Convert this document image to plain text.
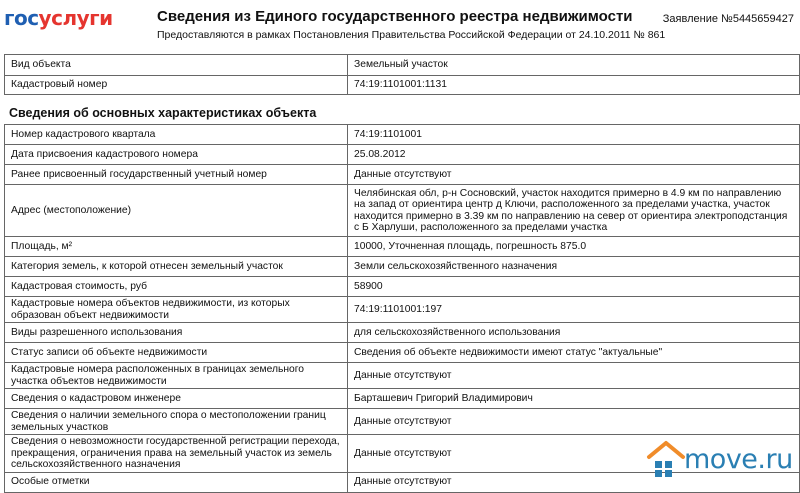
госуслуги	Сведения из Единого государственного реестра недвижимости
Предоставляются в рамках Постановления Правительства Российской Федерации от 24.10.2011 № 861
Заявление №5445659427
Вид объекта	Земельный участок
Кадастровый номер	74:19:1101001:1131
Сведения об основных характеристиках объекта
Номер кадастрового квартала	74:19:1101001
Дата присвоения кадастрового номера	25.08.2012
Ранее присвоенный государственный учетный номер	Данные отсутствуют
Адрес (местоположение)	Челябинская обл, р-н Сосновский, участок находится примерно в 4.9 км по направлению на запад от ориентира центр д Ключи, расположенного за пределами участка, участок находится примерно в 3.39 км по направлению на север от ориентира электроподстанция с Б Харлуши, расположенного за пределами участка
Площадь, м²	10000, Уточненная площадь, погрешность 875.0
Категория земель, к которой отнесен земельный участок	Земли сельскохозяйственного назначения
Кадастровая стоимость, руб	58900
Кадастровые номера объектов недвижимости, из которых образован объект недвижимости	74:19:1101001:197
Виды разрешенного использования	для сельскохозяйственного использования
Статус записи об объекте недвижимости	Сведения об объекте недвижимости имеют статус "актуальные"
Кадастровые номера расположенных в границах земельного участка объектов недвижимости	Данные отсутствуют
Сведения о кадастровом инженере	Барташевич Григорий Владимирович
Сведения о наличии земельного спора о местоположении границ земельных участков	Данные отсутствуют
Сведения о невозможности государственной регистрации перехода, прекращения, ограничения права на земельный участок из земель сельскохозяйственного назначения	Данные отсутствуют
Особые отметки	Данные отсутствуют
move.ru
